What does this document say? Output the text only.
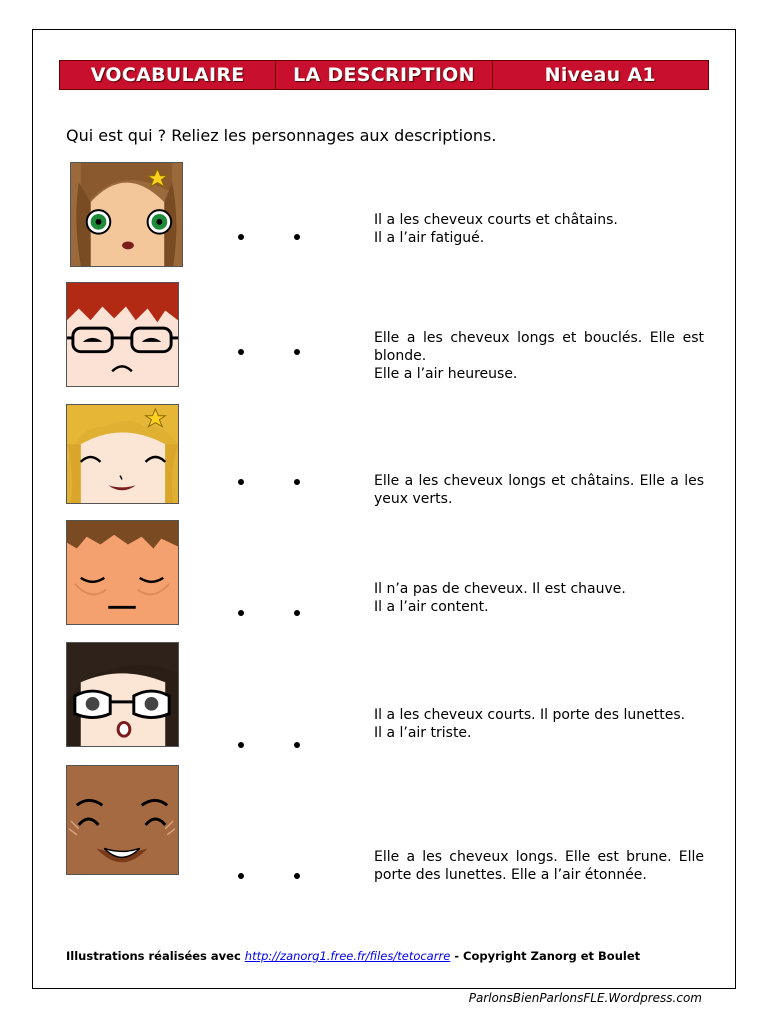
VOCABULAIRE	LA DESCRIPTION	Niveau A1
Qui est qui ? Reliez les personnages aux descriptions.
Il a les cheveux courts et châtains.
Il a l’air fatigué.
Elle a les cheveux longs et bouclés. Elle est blonde.
Elle a l’air heureuse.
Elle a les cheveux longs et châtains. Elle a les yeux verts.
Il n’a pas de cheveux. Il est chauve.
Il a l’air content.
Il a les cheveux courts. Il porte des lunettes.
Il a l’air triste.
Elle a les cheveux longs. Elle est brune. Elle porte des lunettes. Elle a l’air étonnée.
Illustrations réalisées avec http://zanorg1.free.fr/files/tetocarre - Copyright Zanorg et Boulet
ParlonsBienParlonsFLE.Wordpress.com
